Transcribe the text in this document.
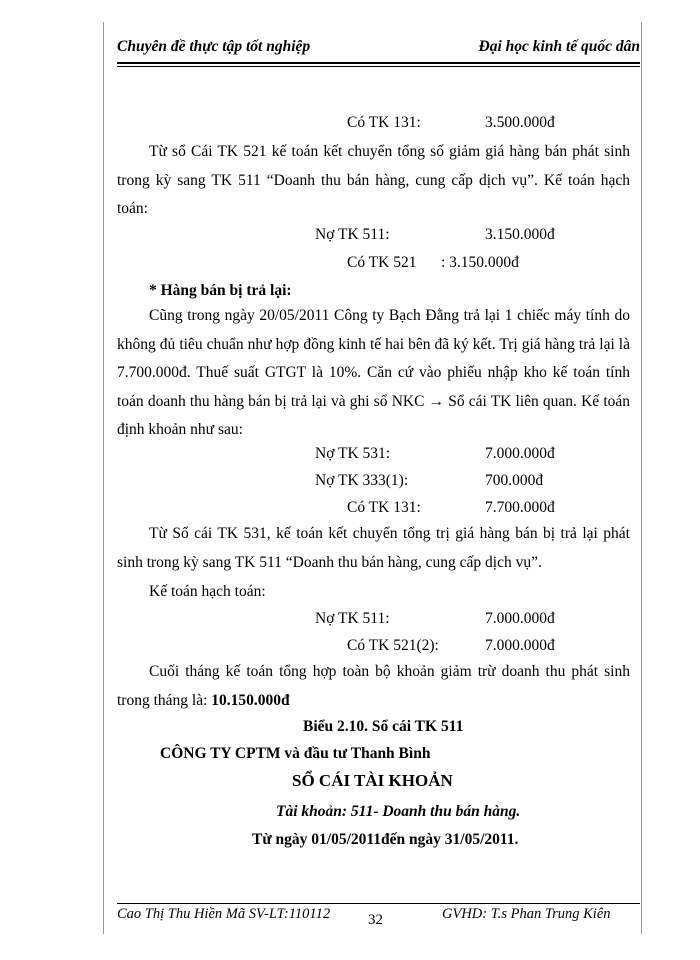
Chuyên đề thực tập tốt nghiệp	Đại học kinh tế quốc dân
Có TK 131:	3.500.000đ
Từ sổ Cái TK 521 kế toán kết chuyển tổng số giảm giá hàng bán phát sinh trong kỳ sang TK 511 “Doanh thu bán hàng, cung cấp dịch vụ”. Kế toán hạch toán:
Nợ TK 511:	3.150.000đ
Có TK 521 : 3.150.000đ
* Hàng bán bị trả lại:
Cũng trong ngày 20/05/2011 Công ty Bạch Đằng trả lại 1 chiếc máy tính do không đủ tiêu chuẩn như hợp đồng kinh tế hai bên đã ký kết. Trị giá hàng trả lại là 7.700.000đ. Thuế suất GTGT là 10%. Căn cứ vào phiếu nhập kho kế toán tính toán doanh thu hàng bán bị trả lại và ghi sổ NKC → Sổ cái TK liên quan. Kế toán định khoản như sau:
Nợ TK 531:	7.000.000đ
Nợ TK 333(1):	700.000đ
Có TK 131:	7.700.000đ
Từ Sổ cái TK 531, kế toán kết chuyển tổng trị giá hàng bán bị trả lại phát sinh trong kỳ sang TK 511 “Doanh thu bán hàng, cung cấp dịch vụ”.
Kế toán hạch toán:
Nợ TK 511:	7.000.000đ
Có TK 521(2):	7.000.000đ
Cuối tháng kế toán tổng hợp toàn bộ khoản giảm trừ doanh thu phát sinh trong tháng là: 10.150.000đ
Biểu 2.10. Sổ cái TK 511
CÔNG TY CPTM và đầu tư Thanh Bình
SỔ CÁI TÀI KHOẢN
Tài khoản: 511- Doanh thu bán hàng.
Từ ngày 01/05/2011đến ngày 31/05/2011.
Cao Thị Thu Hiền Mã SV-LT:110112	32	GVHD: T.s Phan Trung Kiên
